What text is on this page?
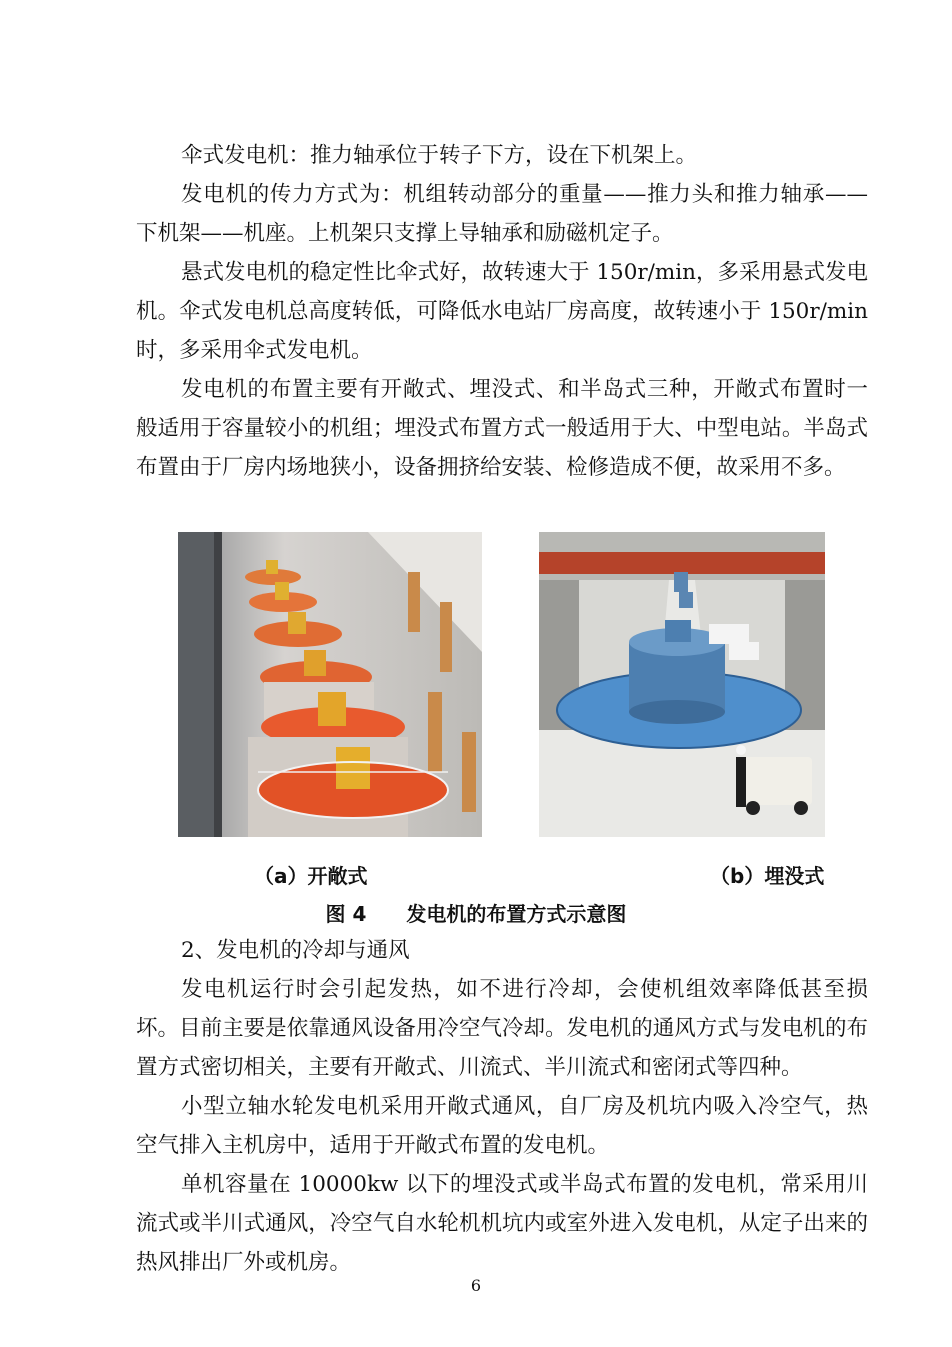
伞式发电机：推力轴承位于转子下方，设在下机架上。

发电机的传力方式为：机组转动部分的重量——推力头和推力轴承——下机架——机座。上机架只支撑上导轴承和励磁机定子。

悬式发电机的稳定性比伞式好，故转速大于 150r/min，多采用悬式发电机。伞式发电机总高度转低，可降低水电站厂房高度，故转速小于 150r/min 时，多采用伞式发电机。

发电机的布置主要有开敞式、埋没式、和半岛式三种，开敞式布置时一般适用于容量较小的机组；埋没式布置方式一般适用于大、中型电站。半岛式布置由于厂房内场地狭小，设备拥挤给安装、检修造成不便，故采用不多。

（a）开敞式	（b）埋没式
图 4　　发电机的布置方式示意图

2、发电机的冷却与通风

发电机运行时会引起发热，如不进行冷却，会使机组效率降低甚至损坏。目前主要是依靠通风设备用冷空气冷却。发电机的通风方式与发电机的布置方式密切相关，主要有开敞式、川流式、半川流式和密闭式等四种。

小型立轴水轮发电机采用开敞式通风，自厂房及机坑内吸入冷空气，热空气排入主机房中，适用于开敞式布置的发电机。

单机容量在 10000kw 以下的埋没式或半岛式布置的发电机，常采用川流式或半川式通风，冷空气自水轮机机坑内或室外进入发电机，从定子出来的热风排出厂外或机房。

6
